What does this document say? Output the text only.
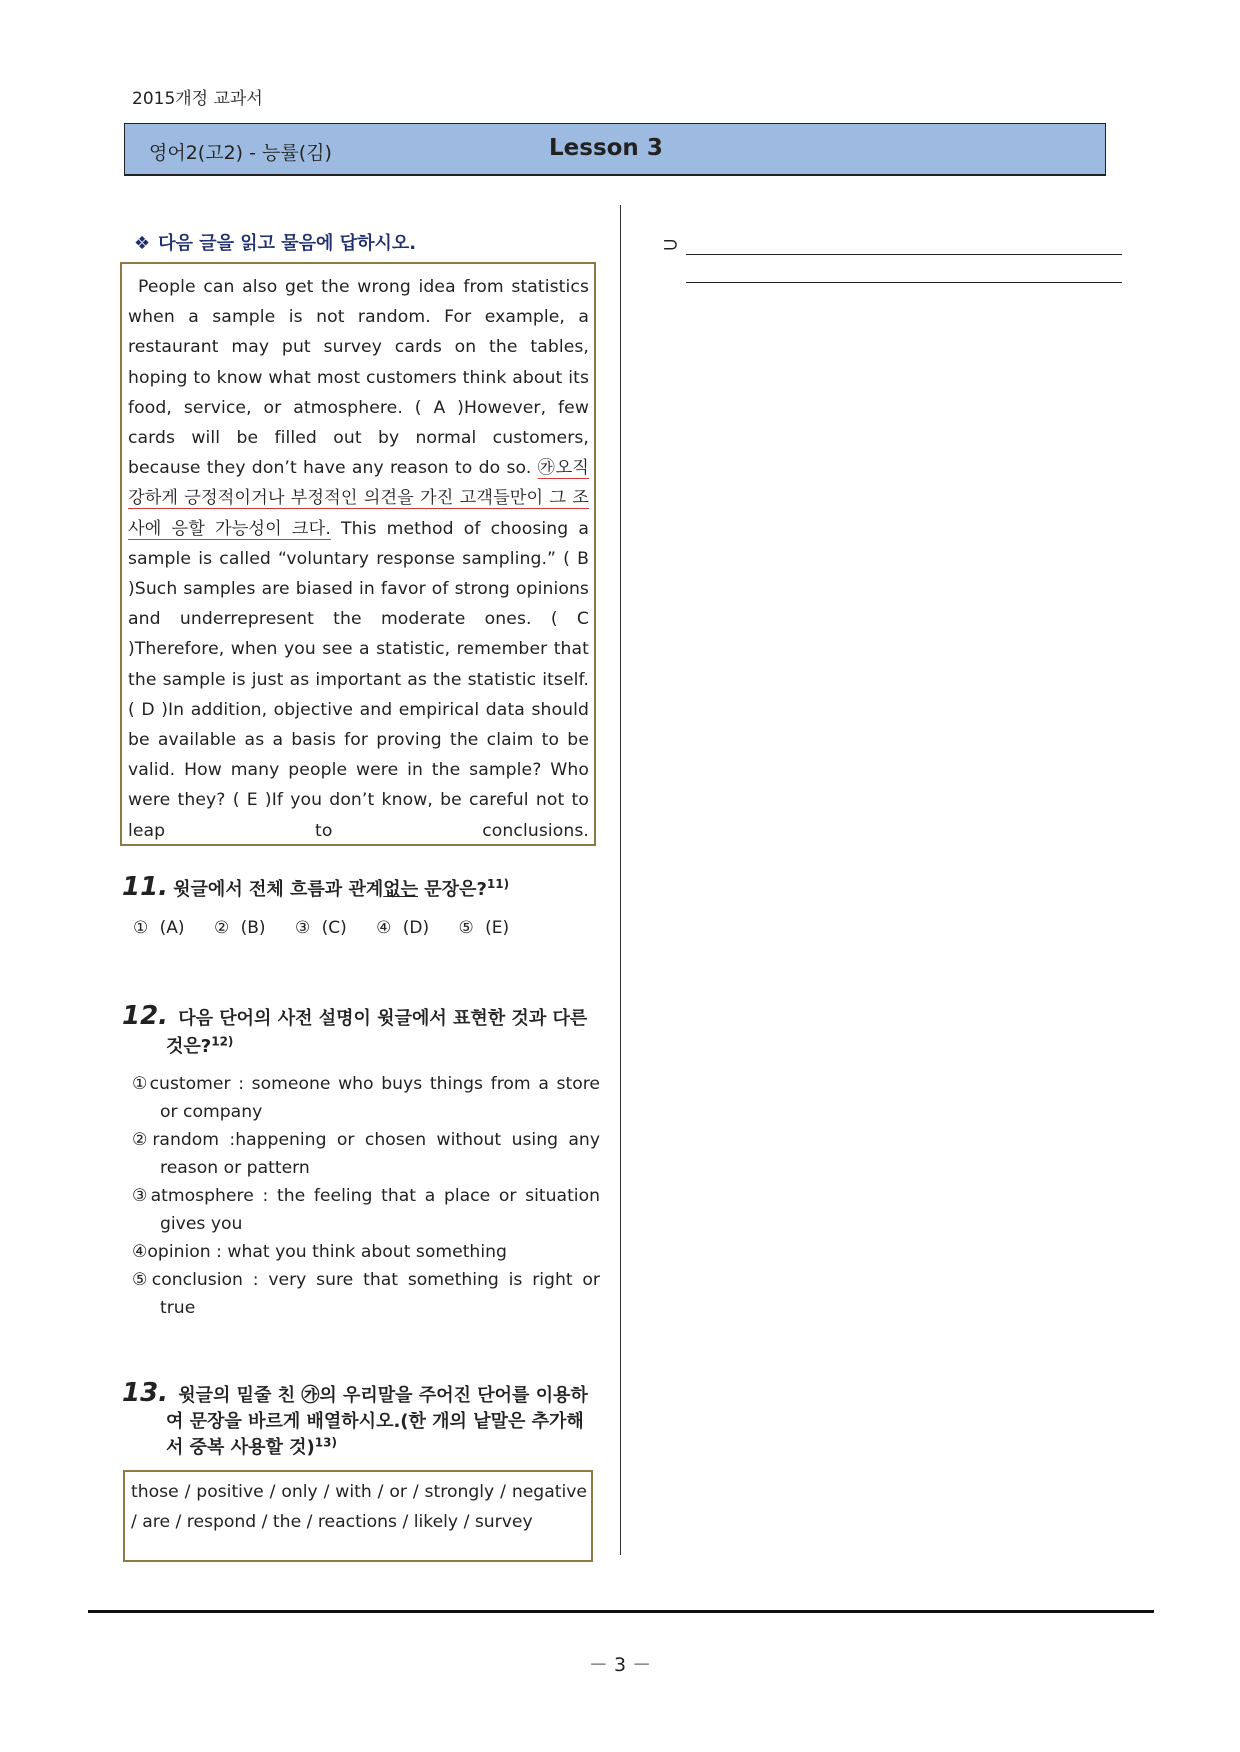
2015개정 교과서
영어2(고2) - 능률(김)	Lesson 3
❖ 다음 글을 읽고 물음에 답하시오.
People can also get the wrong idea from statistics when a sample is not random. For example, a restaurant may put survey cards on the tables, hoping to know what most customers think about its food, service, or atmosphere. ( A )However, few cards will be filled out by normal customers, because they don’t have any reason to do so. ㉮오직 강하게 긍정적이거나 부정적인 의견을 가진 고객들만이 그 조사에 응할 가능성이 크다. This method of choosing a sample is called “voluntary response sampling.” ( B )Such samples are biased in favor of strong opinions and underrepresent the moderate ones. ( C )Therefore, when you see a statistic, remember that the sample is just as important as the statistic itself. ( D )In addition, objective and empirical data should be available as a basis for proving the claim to be valid. How many people were in the sample? Who were they? ( E )If you don’t know, be careful not to leap to conclusions.
11. 윗글에서 전체 흐름과 관계없는 문장은?$^{11)}$
① (A) ② (B) ③ (C) ④ (D) ⑤ (E)
12. 다음 단어의 사전 설명이 윗글에서 표현한 것과 다른 것은?$^{12)}$
①customer : someone who buys things from a store or company
②random :happening or chosen without using any reason or pattern
③atmosphere : the feeling that a place or situation gives you
④opinion : what you think about something
⑤conclusion : very sure that something is right or true
13. 윗글의 밑줄 친 ㉮의 우리말을 주어진 단어를 이용하여 문장을 바르게 배열하시오.(한 개의 낱말은 추가해서 중복 사용할 것)$^{13)}$
those / positive / only / with / or / strongly / negative / are / respond / the / reactions / likely / survey
⊃
－ 3 －
